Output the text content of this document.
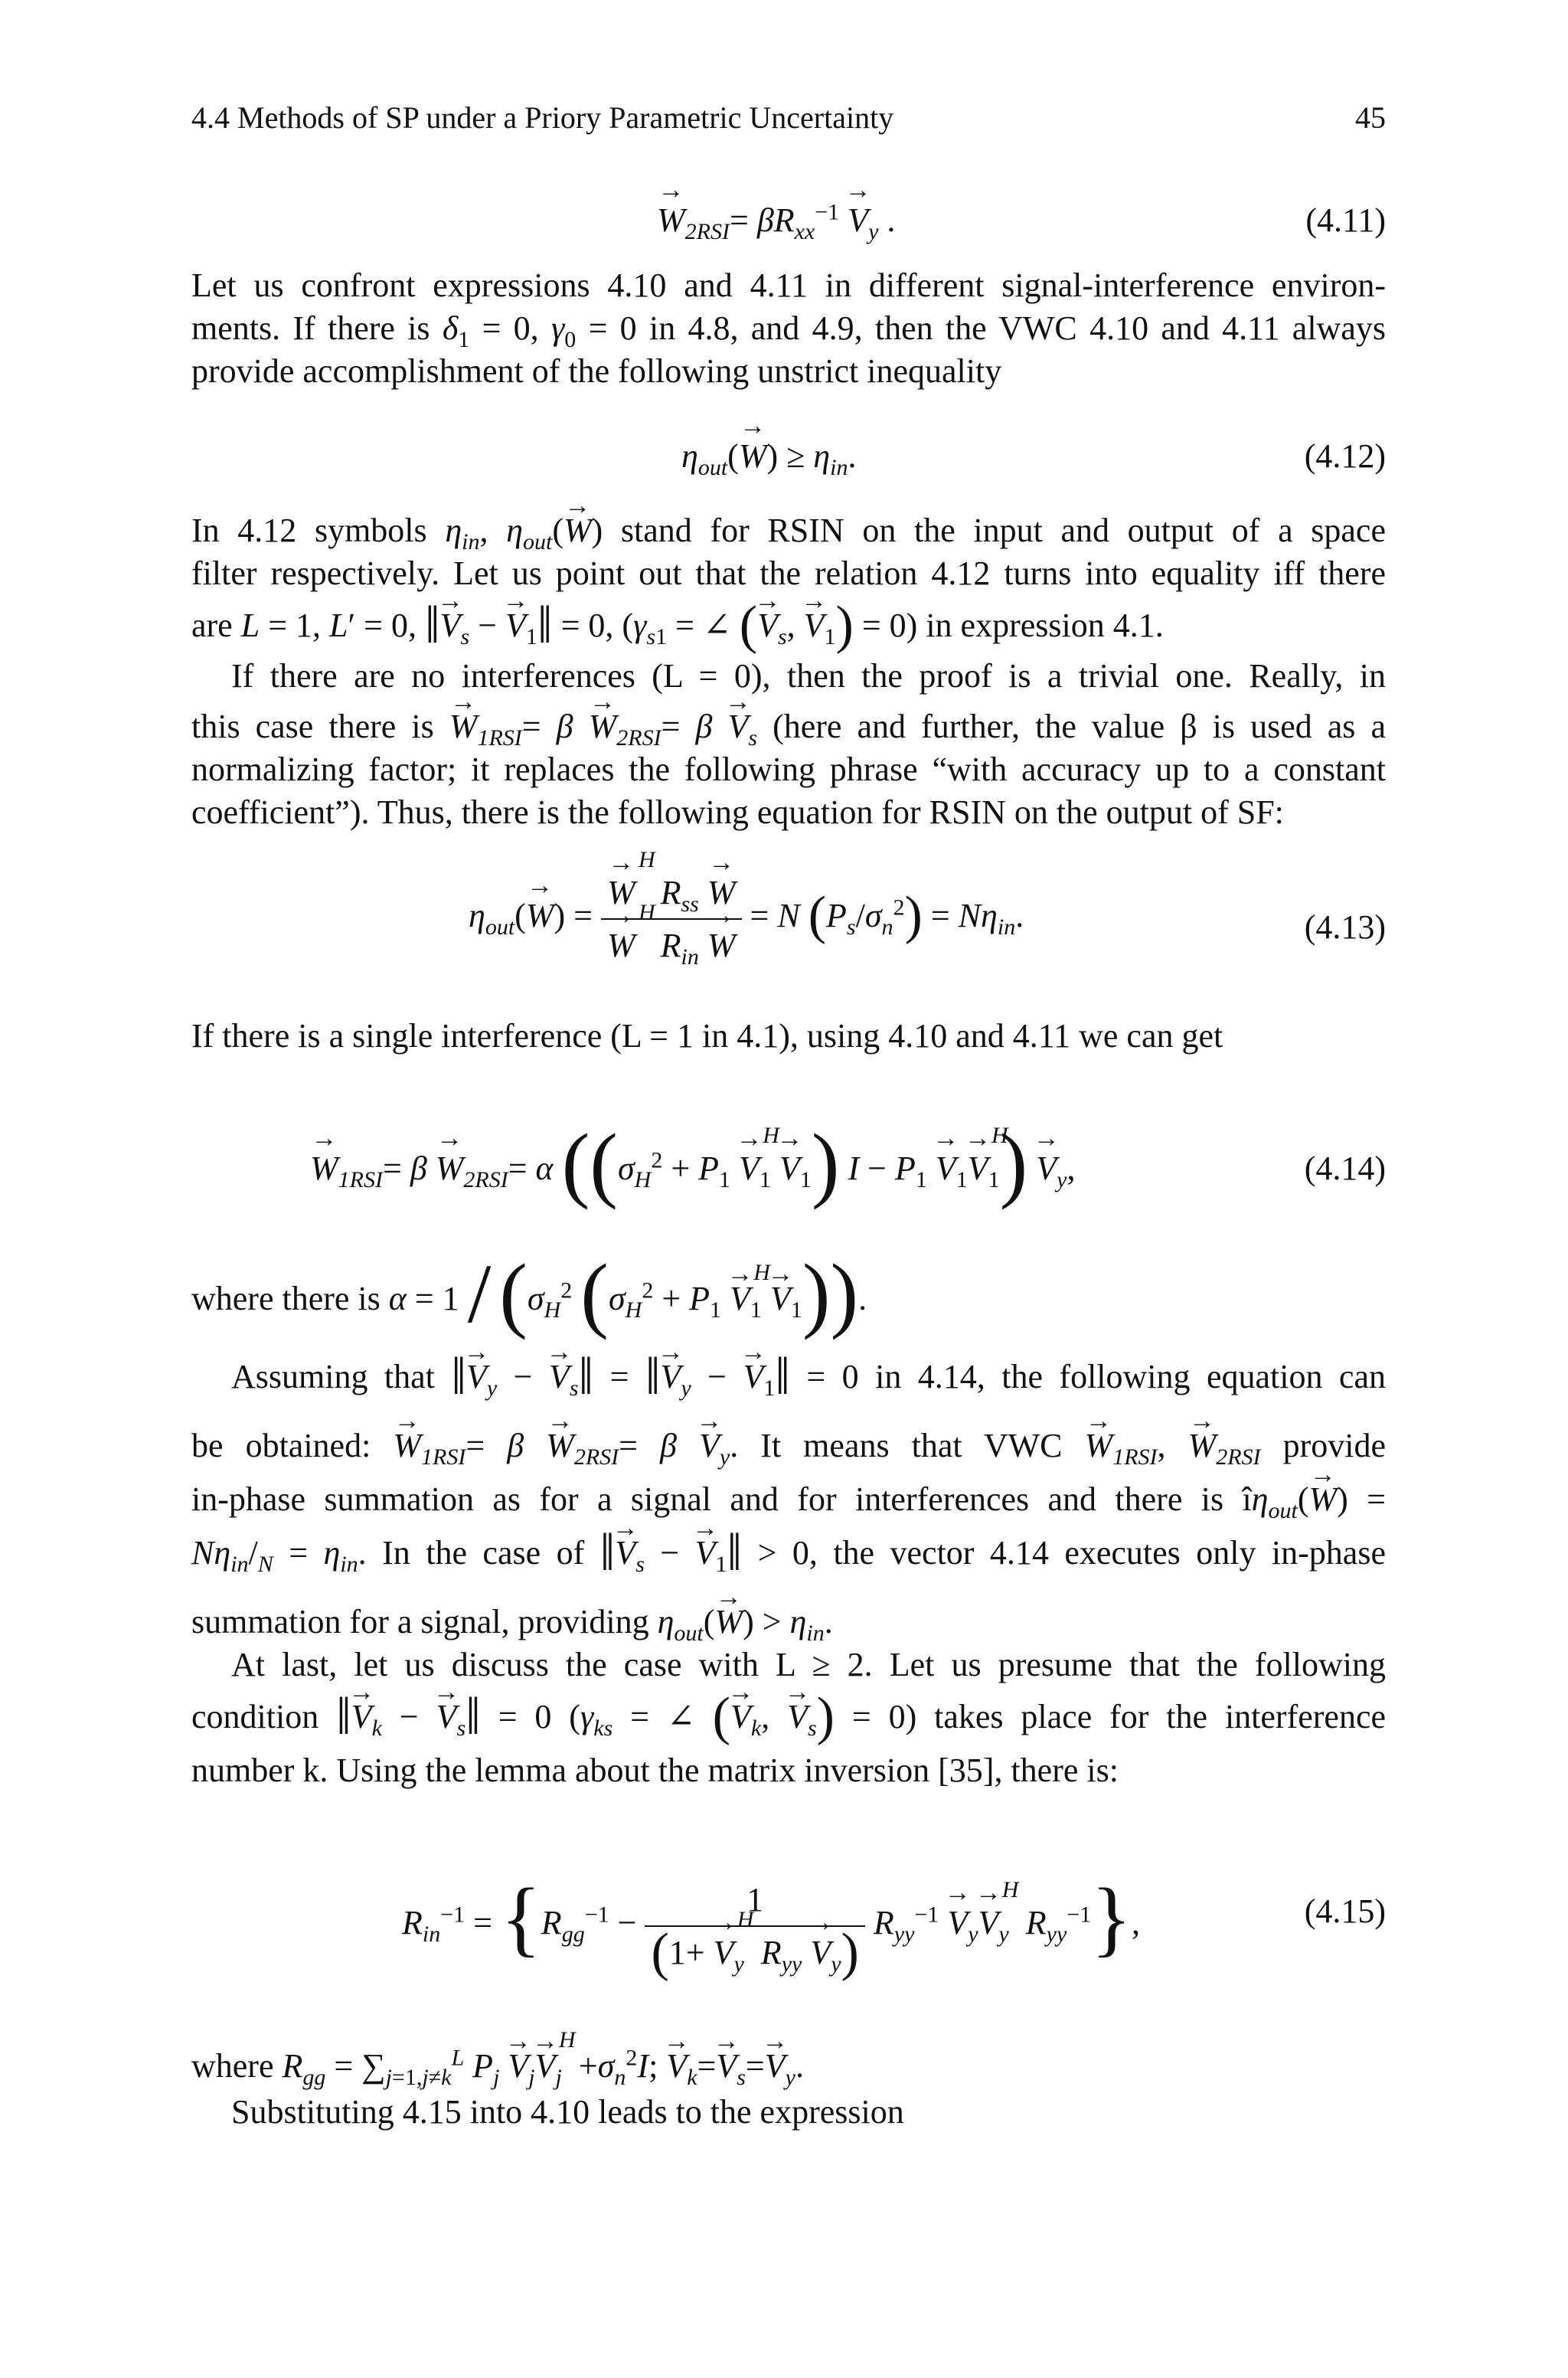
4.4 Methods of SP under a Priory Parametric Uncertainty	45
→ $W_{2RSI}= \beta R_{xx}^{-1} \to V_y$ .	(4.11)
Let us confront expressions 4.10 and 4.11 in different signal-interference environ-
ments. If there is $\delta_1 = 0$, $\gamma_0 = 0$ in 4.8, and 4.9, then the VWC 4.10 and 4.11 always
provide accomplishment of the following unstrict inequality
$\eta_{out}(\to W) \ge \eta_{in}$.	(4.12)
In 4.12 symbols $\eta_{in}$, $\eta_{out}(\to W)$ stand for RSIN on the input and output of a space
filter respectively. Let us point out that the relation 4.12 turns into equality iff there
are L = 1, L′ = 0, ‖→ $V_s$ − → $V_1‖ = 0$, ($\gamma_{s1}$ = ∠ (→ $V_s$, → $V_1) = 0$) in expression 4.1.
If there are no interferences (L = 0), then the proof is a trivial one. Really, in
this case there is → $W_{1RSI}= \beta \to W_{2RSI}= \beta \to V_s$ (here and further, the value β is used as a
normalizing factor; it replaces the following phrase “with accuracy up to a constant
coefficient”). Thus, there is the following equation for RSIN on the output of SF:
$\eta_{out}(\to W)$ = → W H $R_{ss} \to W$
→ W H $R_{in} \to W = N$ $(P_s/\sigma_n^2) = N\eta_{in}$.	(4.13)
If there is a single interference (L = 1 in 4.1), using 4.10 and 4.11 we can get
→ $W_{1RSI}= \beta \to W_{2RSI}= \alpha$ (($\sigma_H^2 + P_1 \to V$ $H_1 \to V_1$) $I - P_1 \to V_1\to V$ $H_1) \to V_y$,	(4.14)
where there is $\alpha = 1 / (\sigma_H^2$ ($\sigma_H^2 + P_1 \to V$ $H_1 \to V_1$)).
Assuming that ‖→ $V_y$ − → $V_s‖$ = ‖→ $V_y$ − → $V_1‖ = 0$ in 4.14, the following equation can
be obtained: → $W_{1RSI}= \beta \to W_{2RSI}= \beta \to V_y$. It means that VWC → $W_{1RSI}$, → $W_{2RSI}$ provide
in-phase summation as for a signal and for interferences and there is $î\eta_{out}(\to W)$ =
$N\eta_{in}/_N = \eta_{in}$. In the case of ‖→ $V_s$ − → $V_1‖ > 0$, the vector 4.14 executes only in-phase
summation for a signal, providing $\eta_{out}(\to W) > \eta_{in}$.
At last, let us discuss the case with L ≥ 2. Let us presume that the following
condition ‖→ $V_k$ − → $V_s‖ = 0$ ($\gamma_{ks}$ = ∠ (→ $V_k$, → $V_s) = 0$) takes place for the interference
number k. Using the lemma about the matrix inversion [35], there is:
$R_{in}^{-1} = \{R_{gg}^{-1} - \frac{1}{(1+ \to V H_y R_{yy} \to V_y)} R_{yy}^{-1} \to V_y\to V$ $H_y$ $R_{yy}^{-1}$},	(4.15)
where $R_{gg} = \sum_{j=1,j\ne k}^L$ $P_j \to V_j\to V$ $H_j +\sigma_n^2I$; → $V_k=\to V_s=\to V_y$.
Substituting 4.15 into 4.10 leads to the expression
